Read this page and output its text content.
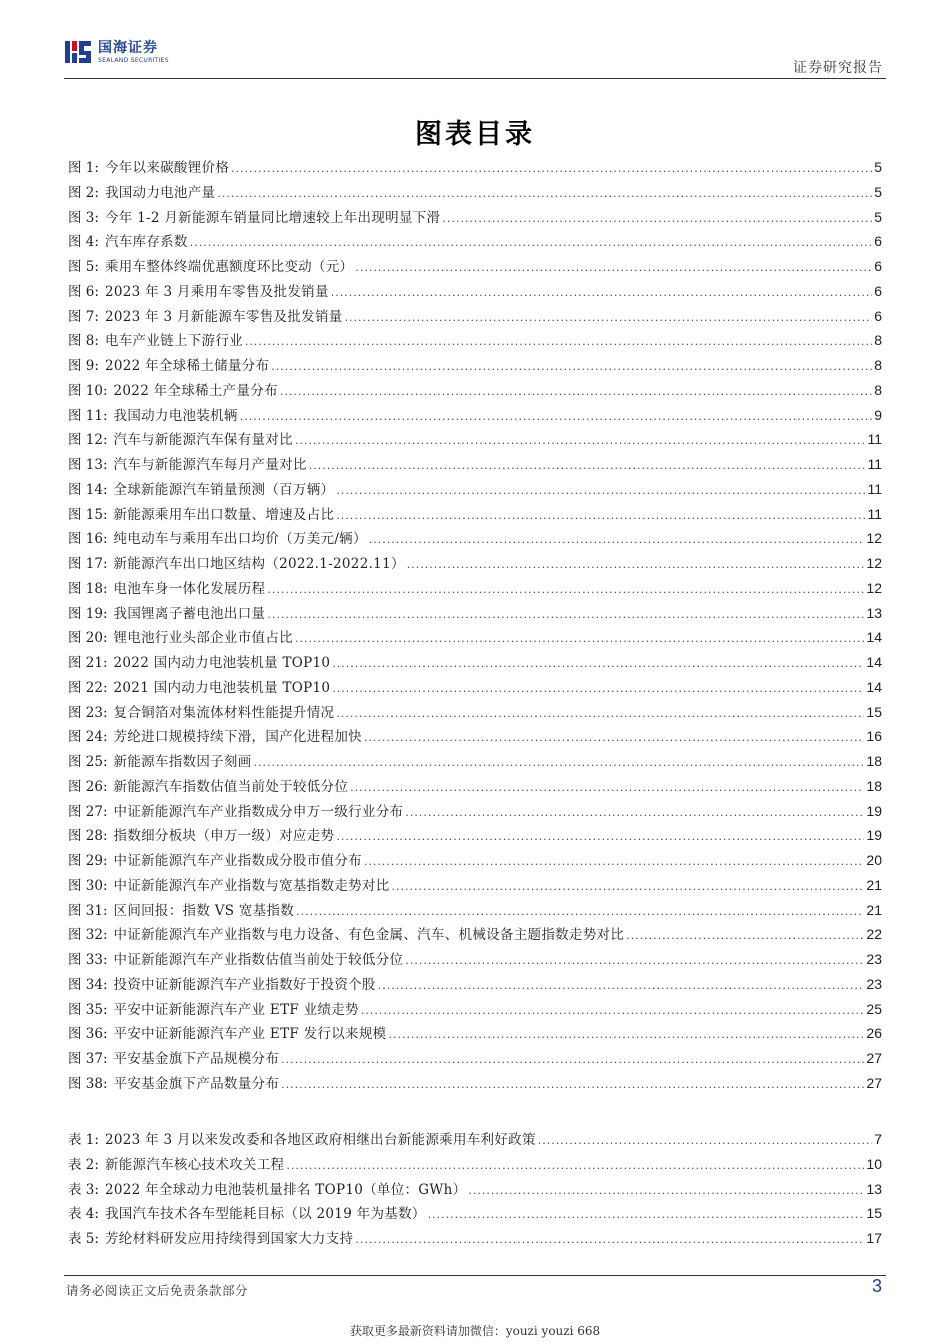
国海证券
SEALAND SECURITIES	证券研究报告
图表目录
图 1: 今年以来碳酸锂价格 .....	5
图 2: 我国动力电池产量 .....	5
图 3: 今年 1-2 月新能源车销量同比增速较上年出现明显下滑 .....	5
图 4: 汽车库存系数 .....	6
图 5: 乘用车整体终端优惠额度环比变动（元） .....	6
图 6: 2023 年 3 月乘用车零售及批发销量 .....	6
图 7: 2023 年 3 月新能源车零售及批发销量 .....	6
图 8: 电车产业链上下游行业 .....	8
图 9: 2022 年全球稀土储量分布 .....	8
图 10: 2022 年全球稀土产量分布 .....	8
图 11: 我国动力电池装机辆 .....	9
图 12: 汽车与新能源汽车保有量对比 .....	11
图 13: 汽车与新能源汽车每月产量对比 .....	11
图 14: 全球新能源汽车销量预测（百万辆） .....	11
图 15: 新能源乘用车出口数量、增速及占比 .....	11
图 16: 纯电动车与乘用车出口均价（万美元/辆） .....	12
图 17: 新能源汽车出口地区结构（2022.1-2022.11） .....	12
图 18: 电池车身一体化发展历程 .....	12
图 19: 我国锂离子蓄电池出口量 .....	13
图 20: 锂电池行业头部企业市值占比 .....	14
图 21: 2022 国内动力电池装机量 TOP10 .....	14
图 22: 2021 国内动力电池装机量 TOP10 .....	14
图 23: 复合铜箔对集流体材料性能提升情况 .....	15
图 24: 芳纶进口规模持续下滑，国产化进程加快 .....	16
图 25: 新能源车指数因子刻画 .....	18
图 26: 新能源汽车指数估值当前处于较低分位 .....	18
图 27: 中证新能源汽车产业指数成分申万一级行业分布 .....	19
图 28: 指数细分板块（申万一级）对应走势 .....	19
图 29: 中证新能源汽车产业指数成分股市值分布 .....	20
图 30: 中证新能源汽车产业指数与宽基指数走势对比 .....	21
图 31: 区间回报：指数 VS 宽基指数 .....	21
图 32: 中证新能源汽车产业指数与电力设备、有色金属、汽车、机械设备主题指数走势对比 .....	22
图 33: 中证新能源汽车产业指数估值当前处于较低分位 .....	23
图 34: 投资中证新能源汽车产业指数好于投资个股 .....	23
图 35: 平安中证新能源汽车产业 ETF 业绩走势 .....	25
图 36: 平安中证新能源汽车产业 ETF 发行以来规模 .....	26
图 37: 平安基金旗下产品规模分布 .....	27
图 38: 平安基金旗下产品数量分布 .....	27
表 1: 2023 年 3 月以来发改委和各地区政府相继出台新能源乘用车利好政策 .....	7
表 2: 新能源汽车核心技术攻关工程 .....	10
表 3: 2022 年全球动力电池装机量排名 TOP10（单位：GWh） .....	13
表 4: 我国汽车技术各车型能耗目标（以 2019 年为基数） .....	15
表 5: 芳纶材料研发应用持续得到国家大力支持 .....	17
请务必阅读正文后免责条款部分	3
获取更多最新资料请加微信：youzi youzi 668
